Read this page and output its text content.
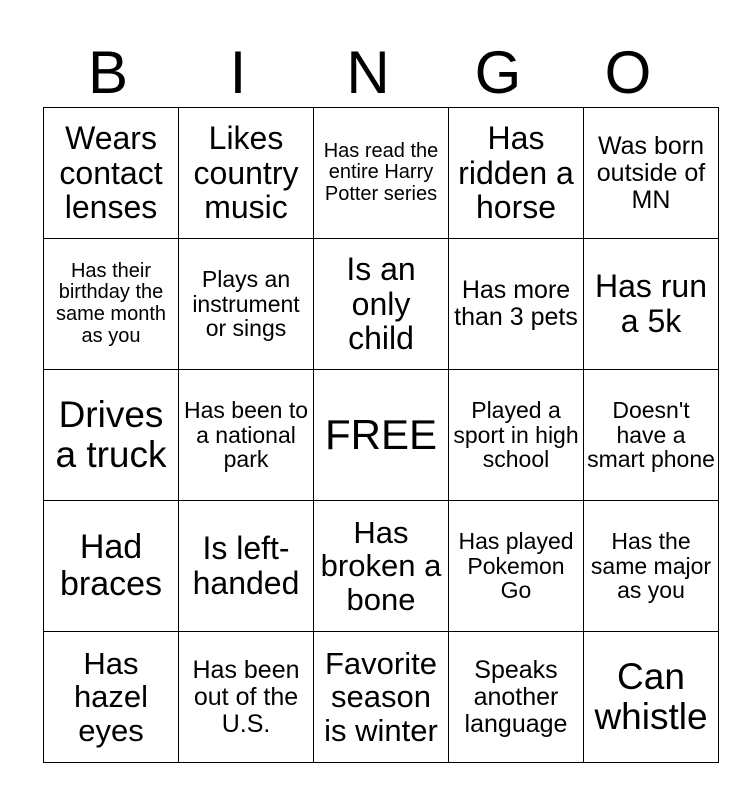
B	I	N	G	O
Wears contact lenses	Likes country music	Has read the entire Harry Potter series	Has ridden a horse	Was born outside of MN
Has their birthday the same month as you	Plays an instrument or sings	Is an only child	Has more than 3 pets	Has run a 5k
Drives a truck	Has been to a national park	FREE	Played a sport in high school	Doesn't have a smart phone
Had braces	Is left-handed	Has broken a bone	Has played Pokemon Go	Has the same major as you
Has hazel eyes	Has been out of the U.S.	Favorite season is winter	Speaks another language	Can whistle
